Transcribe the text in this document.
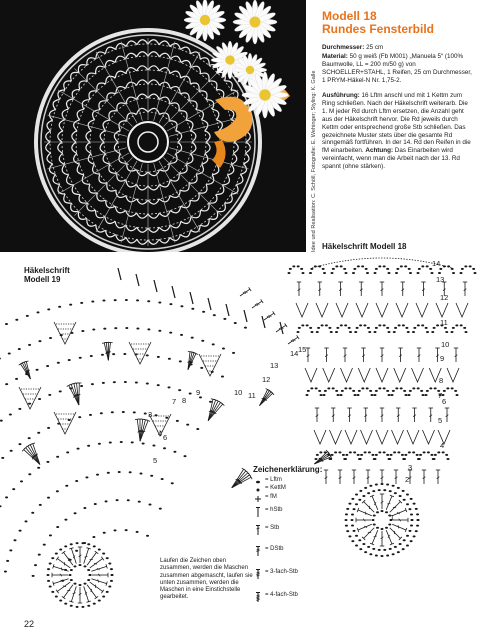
Idee und Realisation: C. Schöll, Fotografie: E. Wehinger; Styling: K. Galle
Modell 18
Rundes Fensterbild
Durchmesser: 25 cm
Material: 50 g weiß (Fb M001) „Manuela 5“ (100% Baumwolle, LL = 200 m/50 g) von SCHOELLER+STAHL, 1 Reifen, 25 cm Durchmesser, 1 PRYM-Häkel-N Nr. 1,75-2.
Ausführung: 16 Lftm anschl und mit 1 Kettm zum Ring schließen. Nach der Häkelschrift weiterarb. Die 1. M jeder Rd durch Lftm ersetzen, die Anzahl geht aus der Häkelschrift hervor. Die Rd jeweils durch Kettm oder entsprechend große Stb schließen. Das gezeichnete Muster stets über die gesamte Rd sinngemäß fortführen. In der 14. Rd den Reifen in die fM einarbeiten. Achtung: Das Einarbeiten wird vereinfacht, wenn man die Arbeit nach der 13. Rd spannt (ohne stärken).
Häkelschrift
Modell 19
Häkelschrift Modell 18
3
4
5
6
7 8
9	10 11
12
13
14 15
1
2
3
4
5
6
7
8
9
10
11
12
13
14
Zeichenerklärung:
= Lftm
= KettM
= fM
= hStb
= Stb
= DStb
= 3-fach-Stb
= 4-fach-Stb
Laufen die Zeichen oben zusammen, werden die Maschen zusammen abgemascht, laufen sie unten zusammen, werden die Maschen in eine Einstichstelle gearbeitet.
22
